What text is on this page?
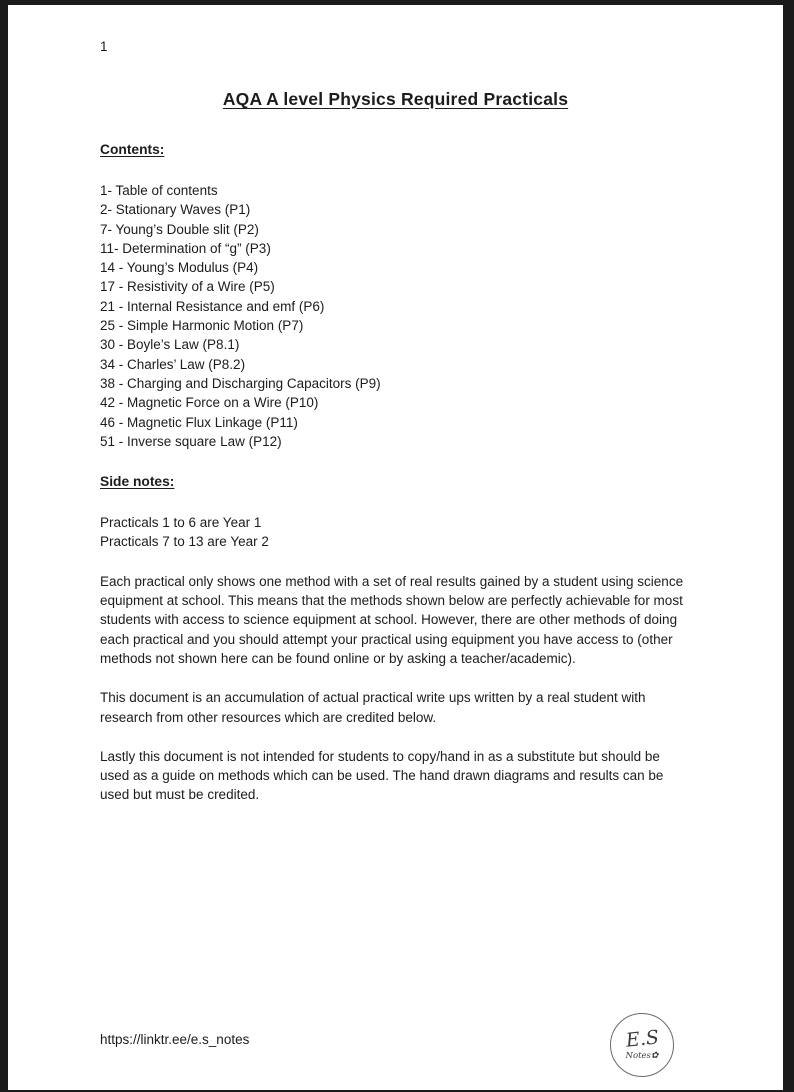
1
AQA A level Physics Required Practicals
Contents:
1- Table of contents
2- Stationary Waves (P1)
7- Young’s Double slit (P2)
11- Determination of “g” (P3)
14 - Young’s Modulus (P4)
17 - Resistivity of a Wire (P5)
21 - Internal Resistance and emf (P6)
25 - Simple Harmonic Motion (P7)
30 - Boyle’s Law (P8.1)
34 - Charles’ Law (P8.2)
38 - Charging and Discharging Capacitors (P9)
42 - Magnetic Force on a Wire (P10)
46 - Magnetic Flux Linkage (P11)
51 - Inverse square Law (P12)
Side notes:
Practicals 1 to 6 are Year 1
Practicals 7 to 13 are Year 2

Each practical only shows one method with a set of real results gained by a student using science equipment at school. This means that the methods shown below are perfectly achievable for most students with access to science equipment at school. However, there are other methods of doing each practical and you should attempt your practical using equipment you have access to (other methods not shown here can be found online or by asking a teacher/academic).

This document is an accumulation of actual practical write ups written by a real student with research from other resources which are credited below.

Lastly this document is not intended for students to copy/hand in as a substitute but should be used as a guide on methods which can be used. The hand drawn diagrams and results can be used but must be credited.

https://linktr.ee/e.s_notes	E.S
Notes✿
